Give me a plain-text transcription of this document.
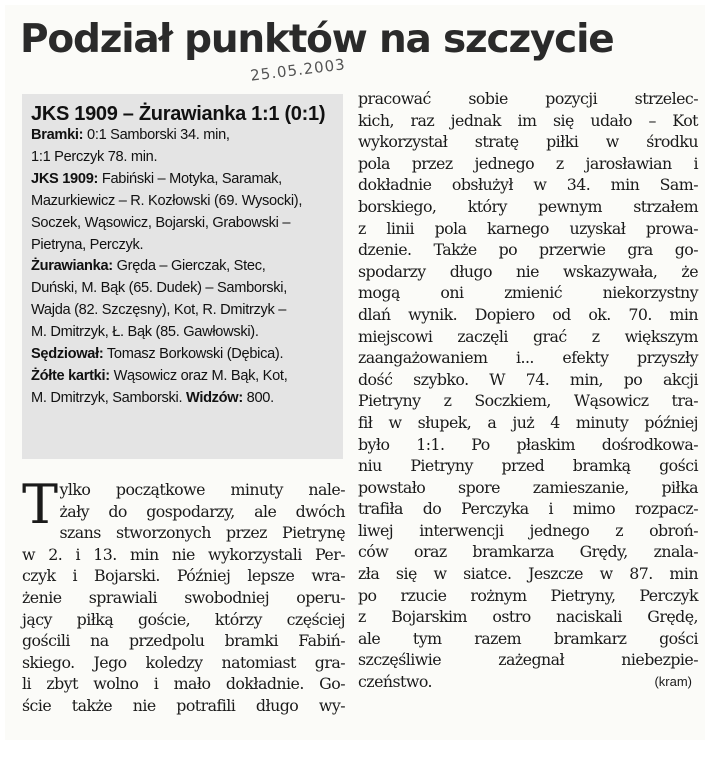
Podział punktów na szczycie
25.05.2003
JKS 1909 – Żurawianka 1:1 (0:1)
Bramki: 0:1 Samborski 34. min,
1:1 Perczyk 78. min.
JKS 1909: Fabiński – Motyka, Saramak,
Mazurkiewicz – R. Kozłowski (69. Wysocki),
Soczek, Wąsowicz, Bojarski, Grabowski –
Pietryna, Perczyk.
Żurawianka: Gręda – Gierczak, Stec,
Duński, M. Bąk (65. Dudek) – Samborski,
Wajda (82. Szczęsny), Kot, R. Dmitrzyk –
M. Dmitrzyk, Ł. Bąk (85. Gawłowski).
Sędziował: Tomasz Borkowski (Dębica).
Żółte kartki: Wąsowicz oraz M. Bąk, Kot,
M. Dmitrzyk, Samborski. Widzów: 800.
T ylko początkowe minuty nale-
żały do gospodarzy, ale dwóch
szans stworzonych przez Pietrynę
w 2. i 13. min nie wykorzystali Per-
czyk i Bojarski. Później lepsze wra-
żenie sprawiali swobodniej operu-
jący piłką goście, którzy częściej
gościli na przedpolu bramki Fabiń-
skiego. Jego koledzy natomiast gra-
li zbyt wolno i mało dokładnie. Go-
ście także nie potrafili długo wy-
pracować sobie pozycji strzelec-
kich, raz jednak im się udało – Kot
wykorzystał stratę piłki w środku
pola przez jednego z jarosławian i
dokładnie obsłużył w 34. min Sam-
borskiego, który pewnym strzałem
z linii pola karnego uzyskał prowa-
dzenie. Także po przerwie gra go-
spodarzy długo nie wskazywała, że
mogą oni zmienić niekorzystny
dlań wynik. Dopiero od ok. 70. min
miejscowi zaczęli grać z większym
zaangażowaniem i... efekty przyszły
dość szybko. W 74. min, po akcji
Pietryny z Soczkiem, Wąsowicz tra-
fił w słupek, a już 4 minuty później
było 1:1. Po płaskim dośrodkowa-
niu Pietryny przed bramką gości
powstało spore zamieszanie, piłka
trafiła do Perczyka i mimo rozpacz-
liwej interwencji jednego z obroń-
ców oraz bramkarza Grędy, znala-
zła się w siatce. Jeszcze w 87. min
po rzucie rożnym Pietryny, Perczyk
z Bojarskim ostro naciskali Grędę,
ale tym razem bramkarz gości
szczęśliwie zażegnał niebezpie-
czeństwo.	(kram)
